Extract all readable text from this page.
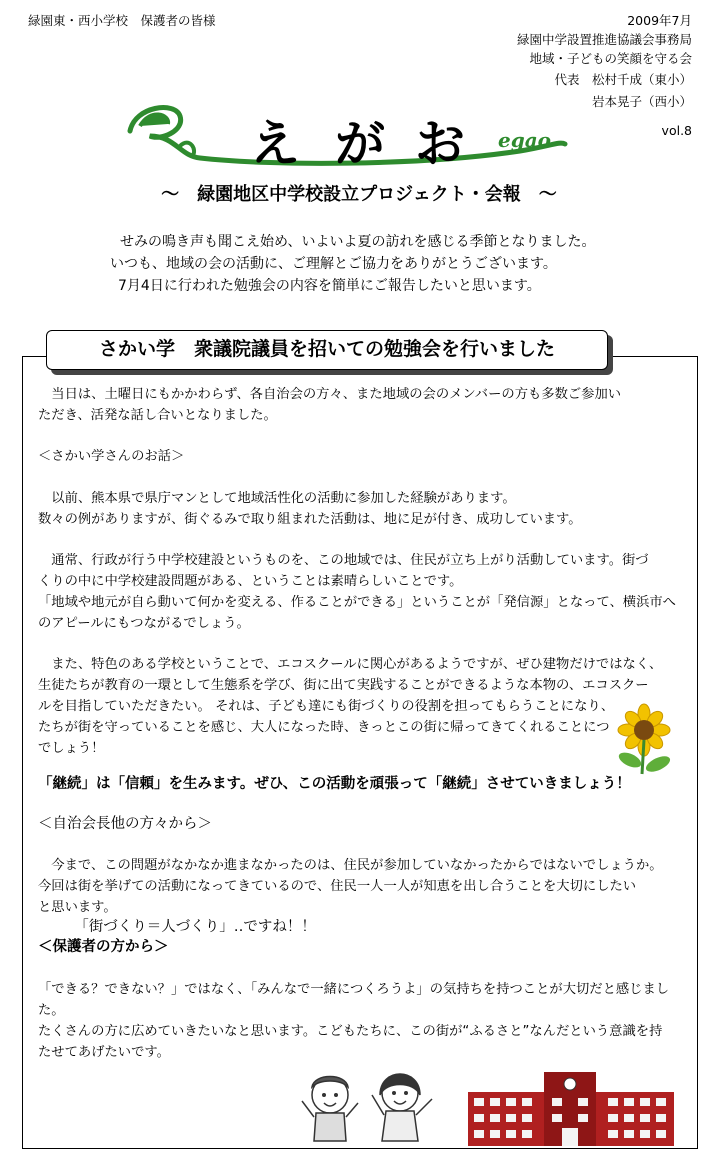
緑園東・西小学校　保護者の皆様	2009年7月
緑園中学設置推進協議会事務局
地域・子どもの笑顔を守る会
代表　松村千成（東小）
岩本晃子（西小）
vol.8
え が お egao
～　緑園地区中学校設立プロジェクト・会報　～
せみの鳴き声も聞こえ始め、いよいよ夏の訪れを感じる季節となりました。
いつも、地域の会の活動に、ご理解とご協力をありがとうございます。
7月4日に行われた勉強会の内容を簡単にご報告したいと思います。
さかい学　衆議院議員を招いての勉強会を行いました
　当日は、土曜日にもかかわらず、各自治会の方々、また地域の会のメンバーの方も多数ご参加い
ただき、活発な話し合いとなりました。
＜さかい学さんのお話＞
　以前、熊本県で県庁マンとして地域活性化の活動に参加した経験があります。
数々の例がありますが、街ぐるみで取り組まれた活動は、地に足が付き、成功しています。
　通常、行政が行う中学校建設というものを、この地域では、住民が立ち上がり活動しています。街づ
くりの中に中学校建設問題がある、ということは素晴らしいことです。
「地域や地元が自ら動いて何かを変える、作ることができる」ということが「発信源」となって、横浜市へ
のアピールにもつながるでしょう。
　また、特色のある学校ということで、エコスクールに関心があるようですが、ぜひ建物だけではなく、
生徒たちが教育の一環として生態系を学び、街に出て実践することができるような本物の、エコスクー
ルを目指していただきたい。 それは、子ども達にも街づくりの役割を担ってもらうことになり、
たちが街を守っていることを感じ、大人になった時、きっとこの街に帰ってきてくれることにつ
でしょう！
「継続」は「信頼」を生みます。ぜひ、この活動を頑張って「継続」させていきましょう！
＜自治会長他の方々から＞
　今まで、この問題がなかなか進まなかったのは、住民が参加していなかったからではないでしょうか。
今回は街を挙げての活動になってきているので、住民一人一人が知恵を出し合うことを大切にしたい
と思います。
　　　「街づくり＝人づくり」‥ですね！！
＜保護者の方から＞
「できる？できない？」ではなく、「みんなで一緒につくろうよ」の気持ちを持つことが大切だと感じまし
た。
たくさんの方に広めていきたいなと思います。こどもたちに、この街が“ふるさと”なんだという意識を持
たせてあげたいです。
